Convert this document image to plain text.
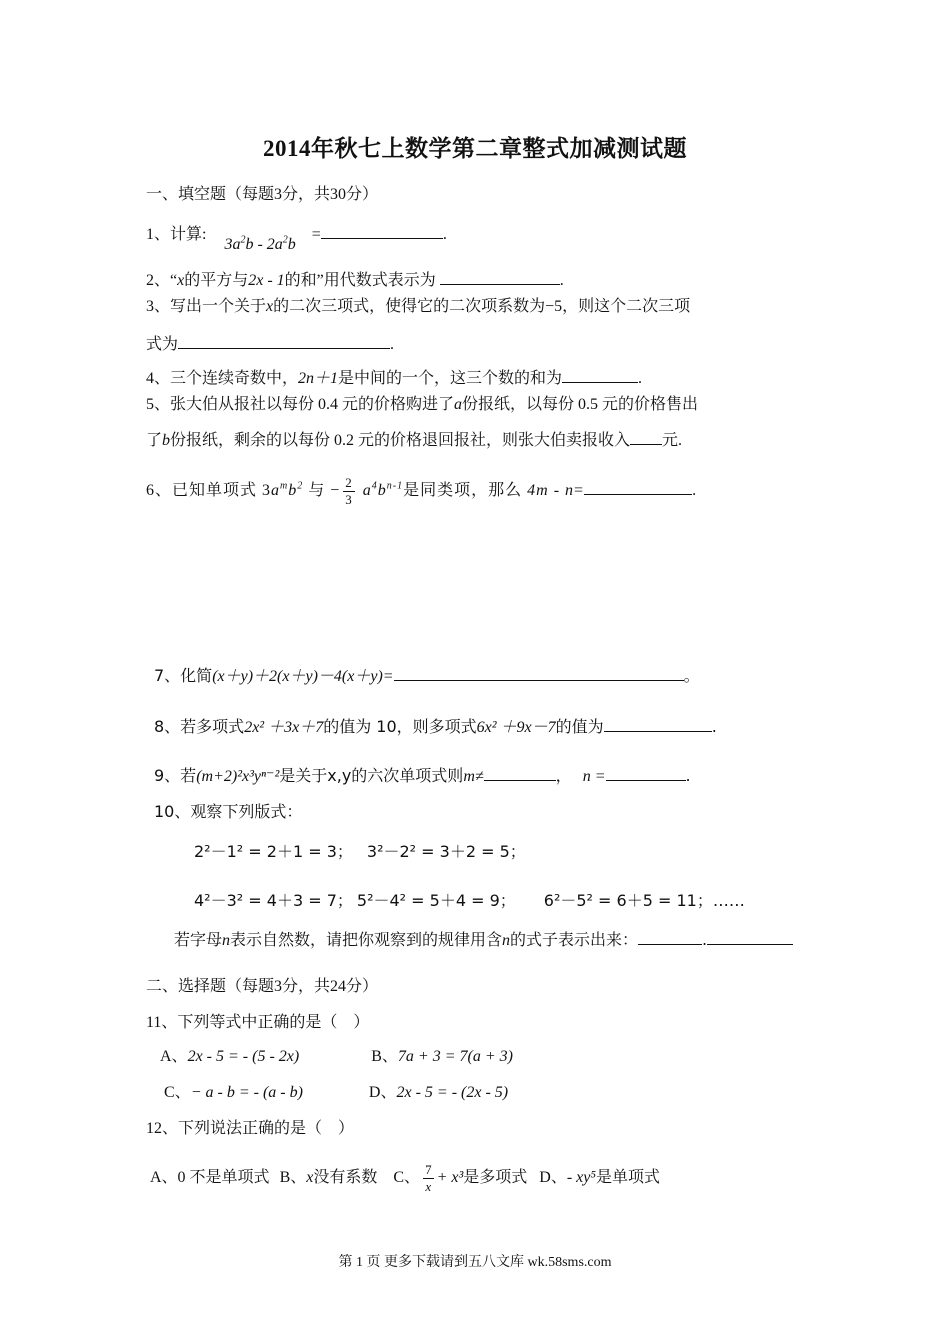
2014年秋七上数学第二章整式加减测试题
一、填空题（每题3分，共30分）
1、计算: $3a^2b - 2a^2b$ =	.
2、“x的平方与2x - 1的和”用代数式表示为	.
3、写出一个关于x的二次三项式，使得它的二次项系数为−5，则这个二次三项
式为	.
4、三个连续奇数中，2n＋1是中间的一个，这三个数的和为	.
5、张大伯从报社以每份 0.4 元的价格购进了a份报纸，以每份 0.5 元的价格售出
了b份报纸，剩余的以每份 0.2 元的价格退回报社，则张大伯卖报收入 元.
6、已知单项式 $3a^mb^2$ 与 − $\frac{2}{3} a^4b^{n-1}$是同类项，那么 4m - n=	.
7、化简(x＋y)＋2(x＋y)－4(x＋y)=	。
8、若多项式2x² ＋3x＋7的值为 10，则多项式6x² ＋9x－7的值为	.
9、若(m+2)²x³yⁿ⁻²是关于x,y的六次单项式则m≠	， n =	.
10、观察下列版式：
2²－1² = 2＋1 = 3； 3²－2² = 3＋2 = 5；
4²－3² = 4＋3 = 7； 5²－4² = 5＋4 = 9； 6²－5² = 6＋5 = 11；……
若字母n表示自然数，请把你观察到的规律用含n的式子表示出来：	.
二、选择题（每题3分，共24分）
11、下列等式中正确的是（　）
A、2x - 5 = - (5 - 2x)	B、7a + 3 = 7(a + 3)
C、− a - b = - (a - b)	D、2x - 5 = - (2x - 5)
12、下列说法正确的是（　）
A、0 不是单项式 B、x没有系数 C、 $\frac{7}{x} + x^3$是多项式 D、- xy⁵是单项式
第 1 页 更多下载请到五八文库 wk.58sms.com
